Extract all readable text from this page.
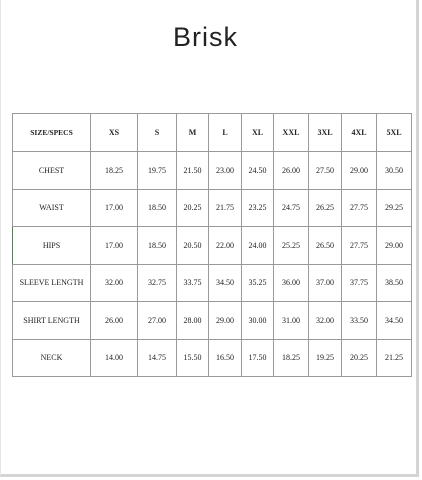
Brisk
SIZE/SPECS	XS	S	M	L	XL	XXL	3XL	4XL	5XL
CHEST	18.25	19.75	21.50	23.00	24.50	26.00	27.50	29.00	30.50
WAIST	17.00	18.50	20.25	21.75	23.25	24.75	26.25	27.75	29.25
HIPS	17.00	18.50	20.50	22.00	24.00	25.25	26.50	27.75	29.00
SLEEVE LENGTH	32.00	32.75	33.75	34.50	35.25	36.00	37.00	37.75	38.50
SHIRT LENGTH	26.00	27.00	28.00	29.00	30.00	31.00	32.00	33.50	34.50
NECK	14.00	14.75	15.50	16.50	17.50	18.25	19.25	20.25	21.25
